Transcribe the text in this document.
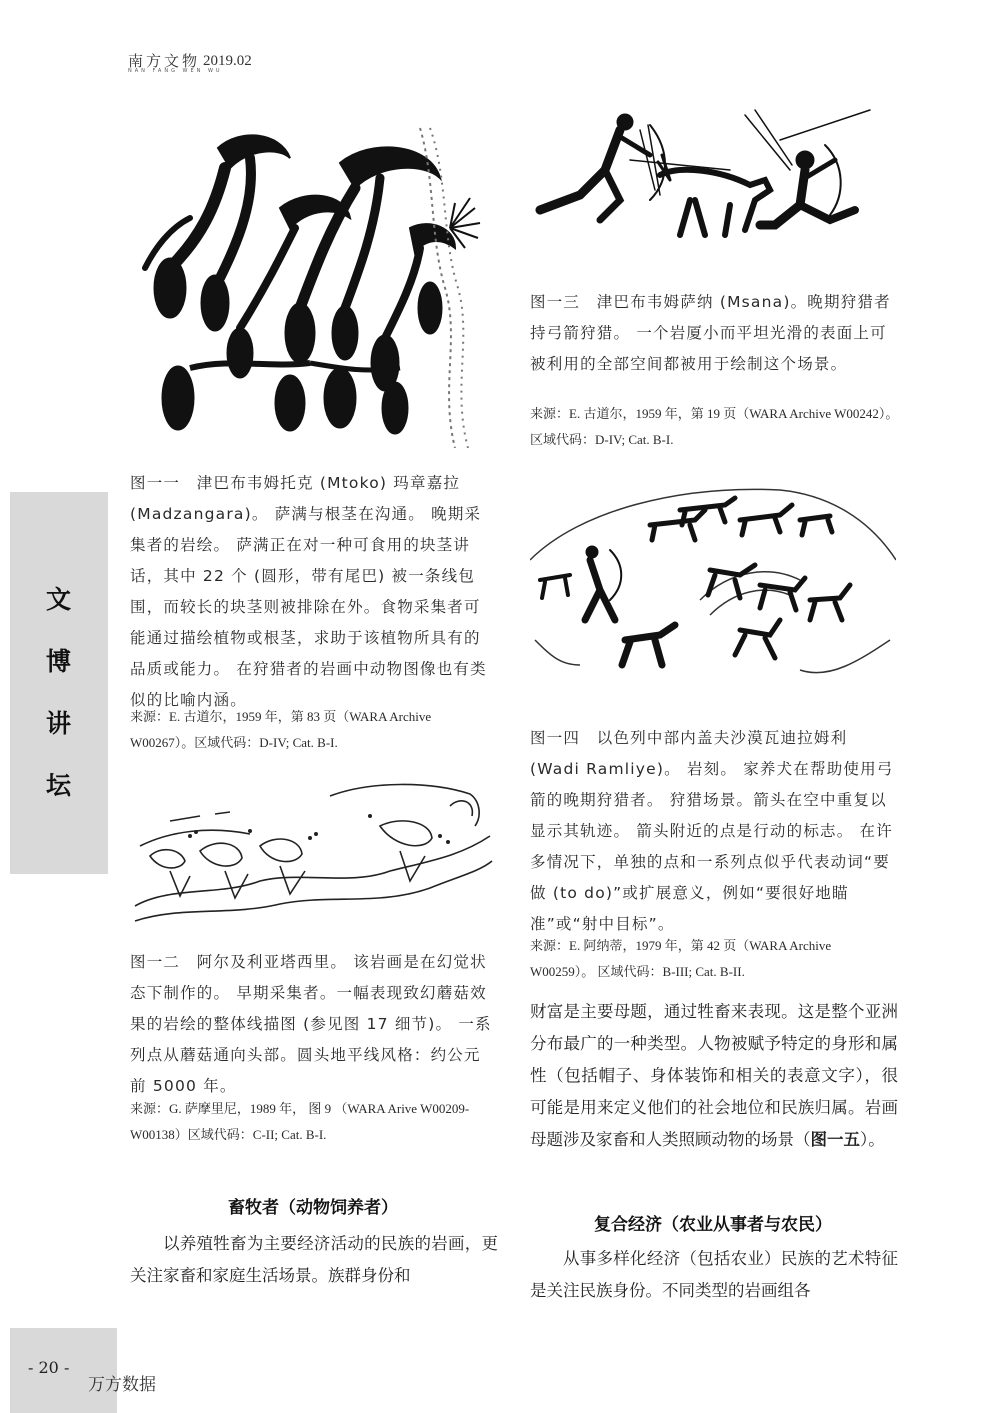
南方文物
NAN FANG WEN WU
2019.02
文
博
讲
坛

图一一　津巴布韦姆托克 (Mtoko) 玛章嘉拉 (Madzangara)。 萨满与根茎在沟通。 晚期采集者的岩绘。 萨满正在对一种可食用的块茎讲话，其中 22 个 (圆形，带有尾巴) 被一条线包围，而较长的块茎则被排除在外。食物采集者可能通过描绘植物或根茎，求助于该植物所具有的品质或能力。 在狩猎者的岩画中动物图像也有类似的比喻内涵。

来源：E. 古道尔，1959 年，第 83 页（WARA Archive W00267）。区域代码：D-IV; Cat. B-I.

图一二　阿尔及利亚塔西里。 该岩画是在幻觉状态下制作的。 早期采集者。一幅表现致幻蘑菇效果的岩绘的整体线描图 (参见图 17 细节)。 一系列点从蘑菇通向头部。圆头地平线风格：约公元前 5000 年。

来源：G. 萨摩里尼，1989 年， 图 9 （WARA Arive W00209-W00138）区域代码：C-II; Cat. B-I.

畜牧者（动物饲养者）

以养殖牲畜为主要经济活动的民族的岩画，更关注家畜和家庭生活场景。族群身份和

图一三　津巴布韦姆萨纳 (Msana)。晚期狩猎者持弓箭狩猎。 一个岩厦小而平坦光滑的表面上可被利用的全部空间都被用于绘制这个场景。

来源：E. 古道尔，1959 年，第 19 页（WARA Archive W00242）。　区域代码：D-IV; Cat. B-I.

图一四　以色列中部内盖夫沙漠瓦迪拉姆利 (Wadi Ramliye)。 岩刻。 家养犬在帮助使用弓箭的晚期狩猎者。 狩猎场景。箭头在空中重复以显示其轨迹。 箭头附近的点是行动的标志。 在许多情况下，单独的点和一系列点似乎代表动词“要做 (to do)”或扩展意义，例如“要很好地瞄准”或“射中目标”。

来源：E. 阿纳蒂，1979 年，第 42 页（WARA Archive W00259）。 区域代码：B-III; Cat. B-II.

财富是主要母题，通过牲畜来表现。这是整个亚洲分布最广的一种类型。人物被赋予特定的身形和属性（包括帽子、身体装饰和相关的表意文字），很可能是用来定义他们的社会地位和民族归属。岩画母题涉及家畜和人类照顾动物的场景（图一五）。

复合经济（农业从事者与农民）

从事多样化经济（包括农业）民族的艺术特征是关注民族身份。不同类型的岩画组各

- 20 -
万方数据
